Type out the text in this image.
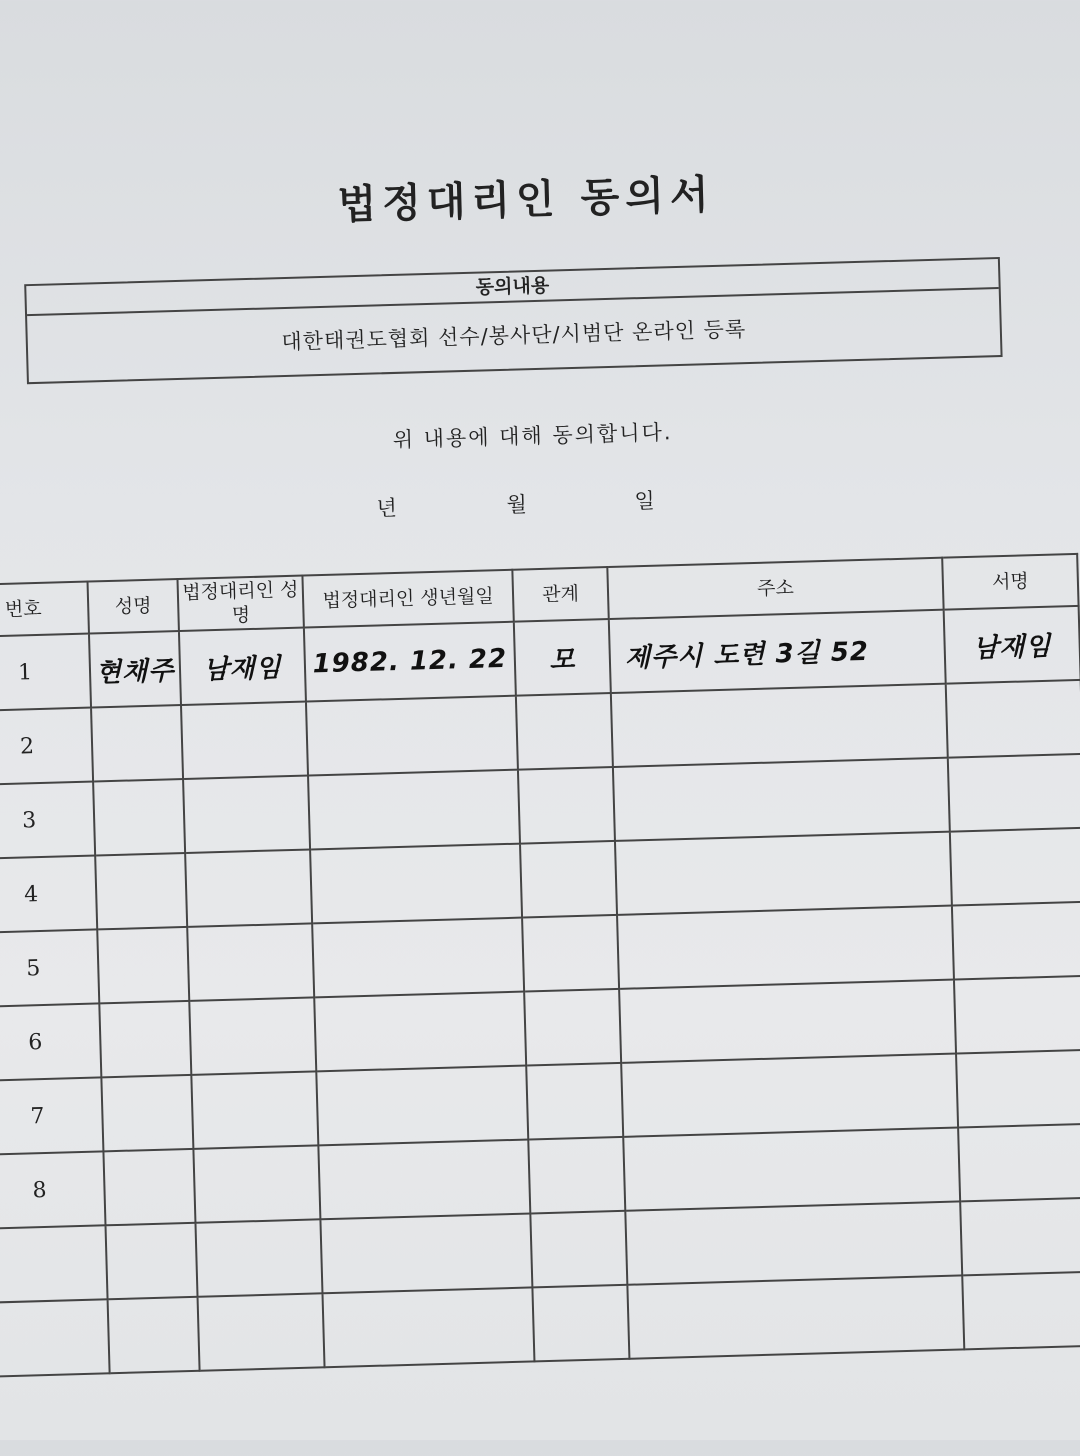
법정대리인 동의서
동의내용
대한태권도협회 선수/봉사단/시범단 온라인 등록
위 내용에 대해 동의합니다.
년	월	일
번호	성명	법정대리인 성명	법정대리인 생년월일	관계	주소	서명
1	현채주	남재임	1982. 12. 22	모	제주시 도련 3길 52	남재임
2						
3						
4						
5						
6						
7						
8						
